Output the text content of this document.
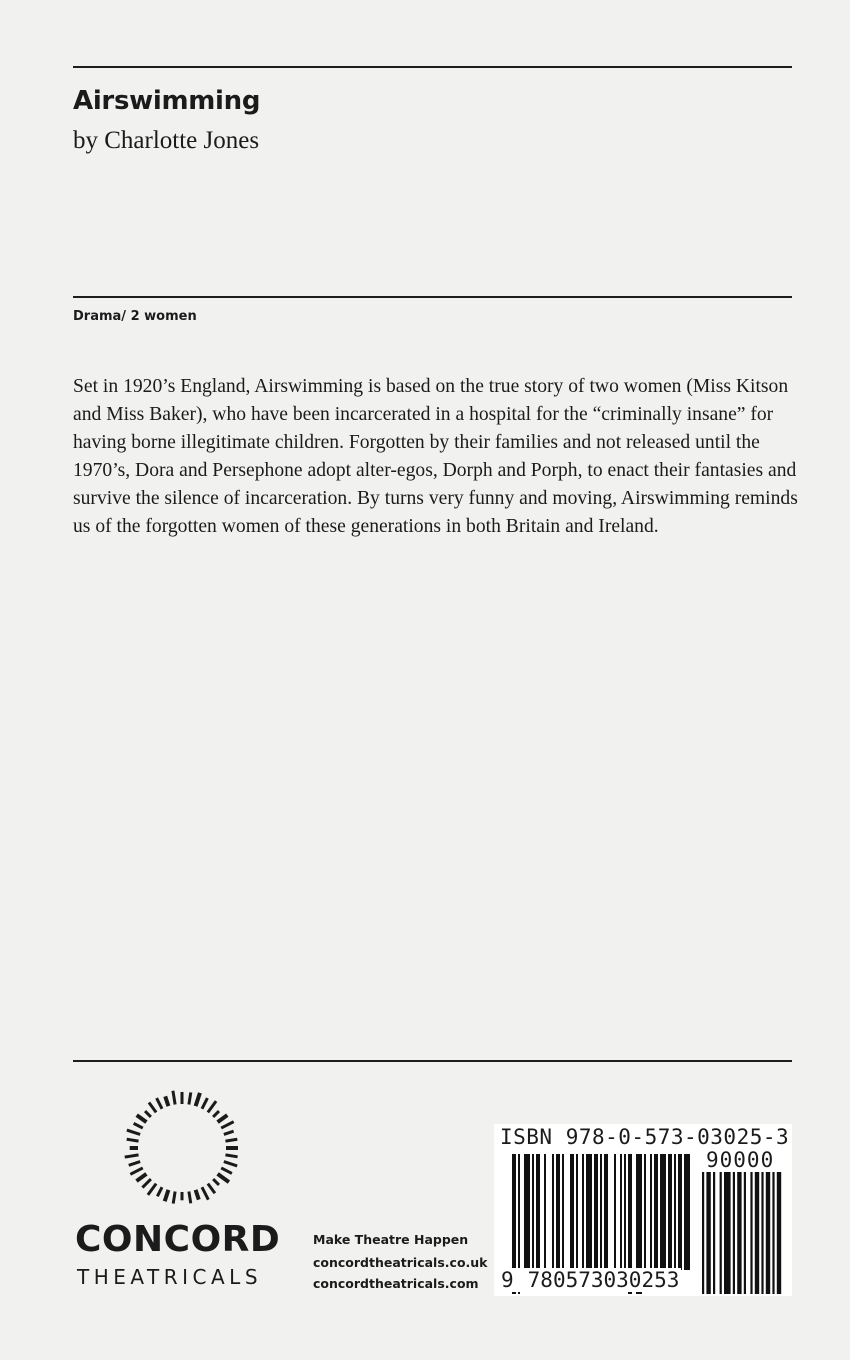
Airswimming

by Charlotte Jones

Drama/ 2 women

Set in 1920’s England, Airswimming is based on the true story of two women (Miss Kitson and Miss Baker), who have been incarcerated in a hospital for the “criminally insane” for having borne illegitimate children. Forgotten by their families and not released until the 1970’s, Dora and Persephone adopt alter-egos, Dorph and Porph, to enact their fantasies and survive the silence of incarceration. By turns very funny and moving, Airswimming reminds us of the forgotten women of these generations in both Britain and Ireland.

CONCORD
THEATRICALS
Make Theatre Happen
concordtheatricals.co.uk
concordtheatricals.com
ISBN 978-0-573-03025-3
90000
9 780573030253
